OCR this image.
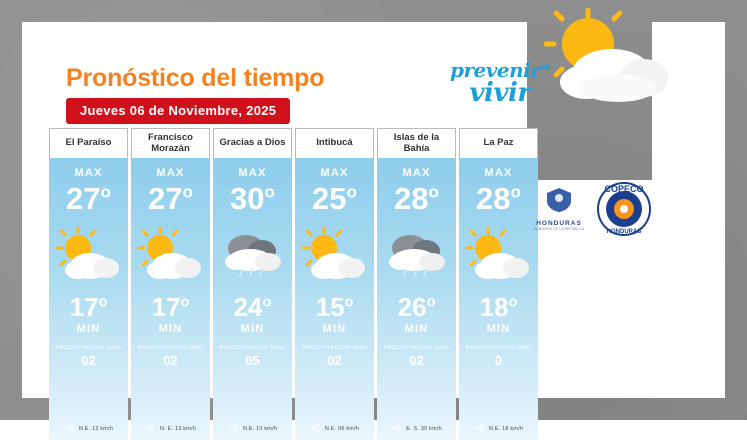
Pronóstico del tiempo
Jueves 06 de Noviembre, 2025
prevenir$^{es}$
vivir
El Paraíso
MAX
27$^o$
17$^o$
MIN
PRECIPITACIÓN (MM)
02
N.E. 12 km/h
Francisco Morazán
MAX
27$^o$
17$^o$
MIN
PRECIPITACIÓN (MM)
02
N. E. 13 km/h
Gracias a Dios
MAX
30$^o$
24$^o$
MIN
PRECIPITACIÓN (MM)
05
N.E. 10 km/h
Intibucá
MAX
25$^o$
15$^o$
MIN
PRECIPITACIÓN (MM)
02
N.E. 06 km/h
Islas de la Bahía
MAX
28$^o$
26$^o$
MIN
PRECIPITACIÓN (MM)
02
E. S. 30 km/h
La Paz
MAX
28$^o$
18$^o$
MIN
PRECIPITACIÓN (MM)
0
N.E. 18 km/h
HONDURAS
GOBIERNO DE LA REPÚBLICA
COPECO
HONDURAS
